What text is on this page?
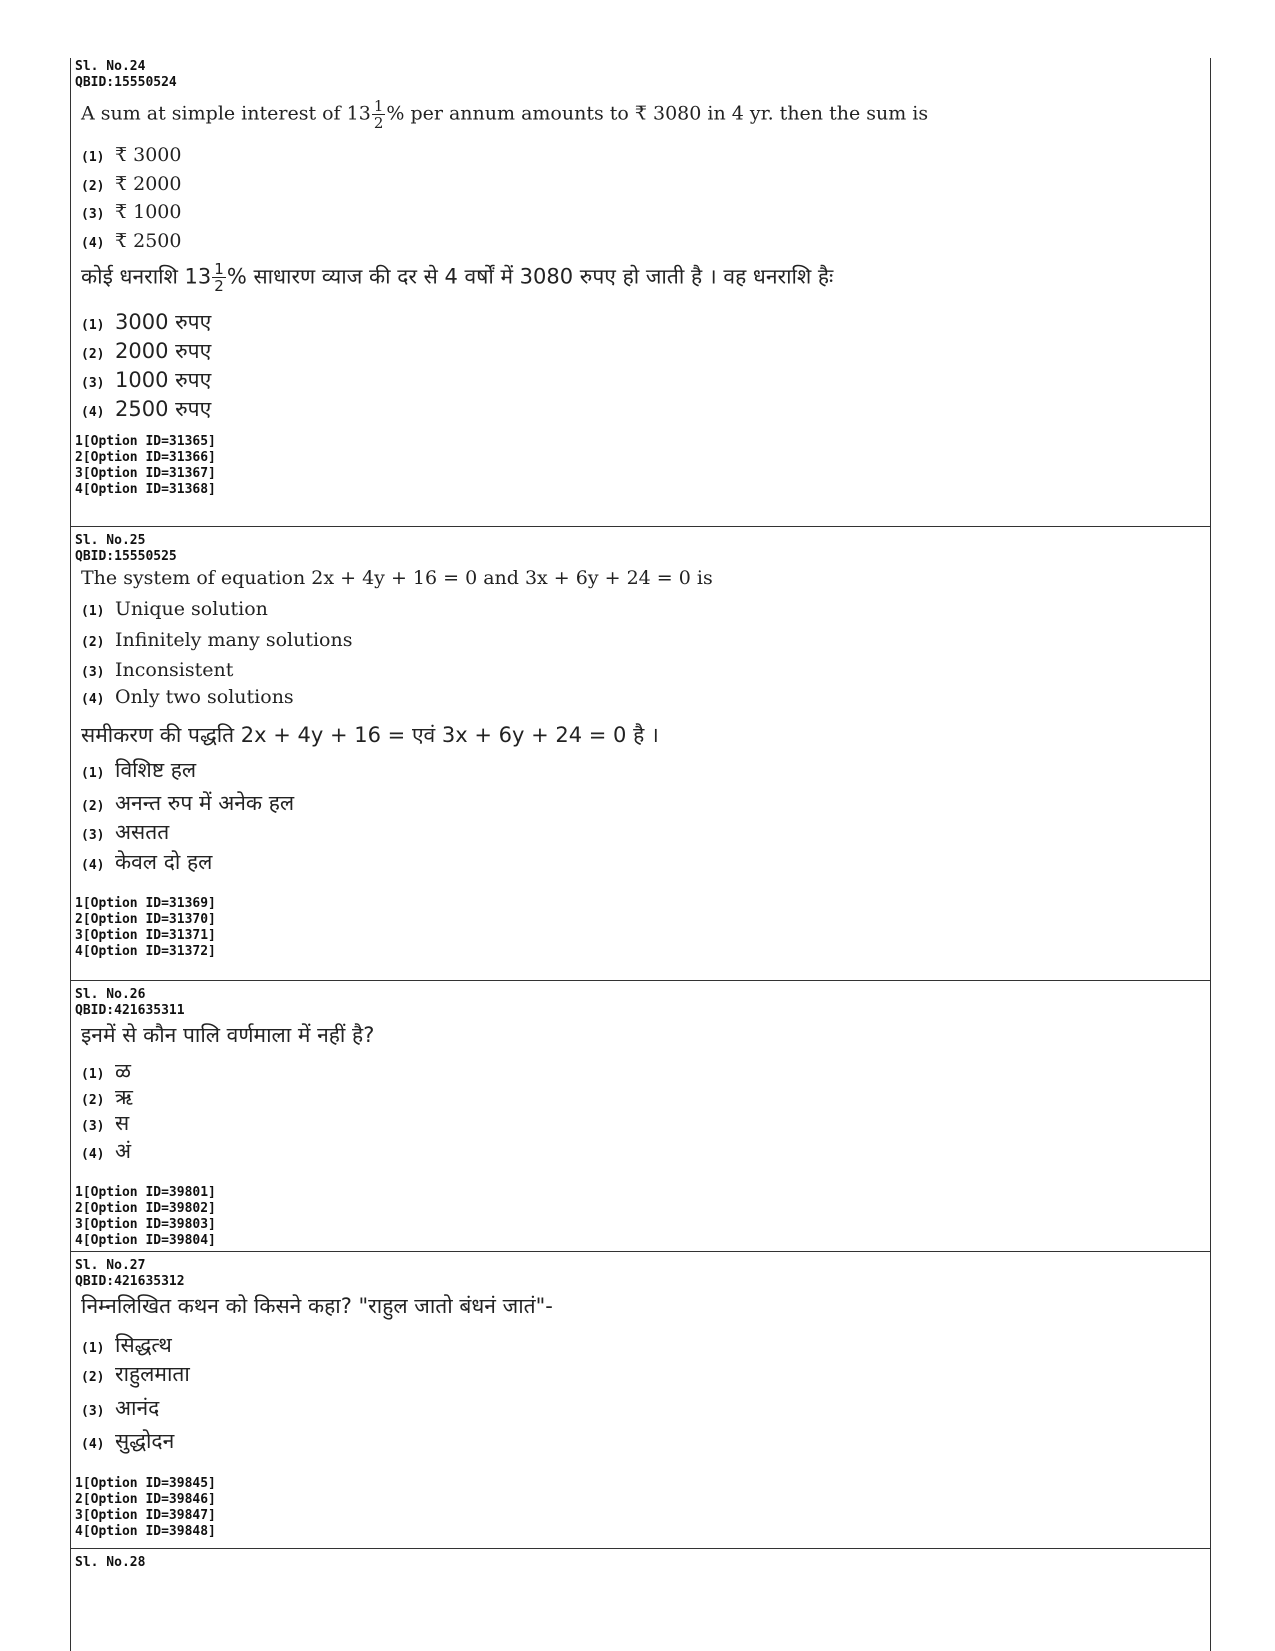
Sl. No.24
QBID:15550524
A sum at simple interest of $13 \frac{1}{2}$ % per annum amounts to ₹ 3080 in 4 yr. then the sum is
(1) ₹ 3000
(2) ₹ 2000
(3) ₹ 1000
(4) ₹ 2500
कोई धनराशि $13 \frac{1}{2}$ % साधारण व्याज की दर से 4 वर्षों में 3080 रुपए हो जाती है । वह धनराशि हैः
(1) 3000 रुपए
(2) 2000 रुपए
(3) 1000 रुपए
(4) 2500 रुपए
1[Option ID=31365]
2[Option ID=31366]
3[Option ID=31367]
4[Option ID=31368]
Sl. No.25
QBID:15550525
The system of equation 2x + 4y + 16 = 0 and 3x + 6y + 24 = 0 is
(1) Unique solution
(2) Infinitely many solutions
(3) Inconsistent
(4) Only two solutions
समीकरण की पद्धति 2x + 4y + 16 = एवं 3x + 6y + 24 = 0 है ।
(1) विशिष्ट हल
(2) अनन्त रुप में अनेक हल
(3) असतत
(4) केवल दो हल
1[Option ID=31369]
2[Option ID=31370]
3[Option ID=31371]
4[Option ID=31372]
Sl. No.26
QBID:421635311
इनमें से कौन पालि वर्णमाला में नहीं है?
(1) ळ
(2) ऋ
(3) स
(4) अं
1[Option ID=39801]
2[Option ID=39802]
3[Option ID=39803]
4[Option ID=39804]
Sl. No.27
QBID:421635312
निम्नलिखित कथन को किसने कहा? "राहुल जातो बंधनं जातं"-
(1) सिद्धत्थ
(2) राहुलमाता
(3) आनंद
(4) सुद्धोदन
1[Option ID=39845]
2[Option ID=39846]
3[Option ID=39847]
4[Option ID=39848]
Sl. No.28
